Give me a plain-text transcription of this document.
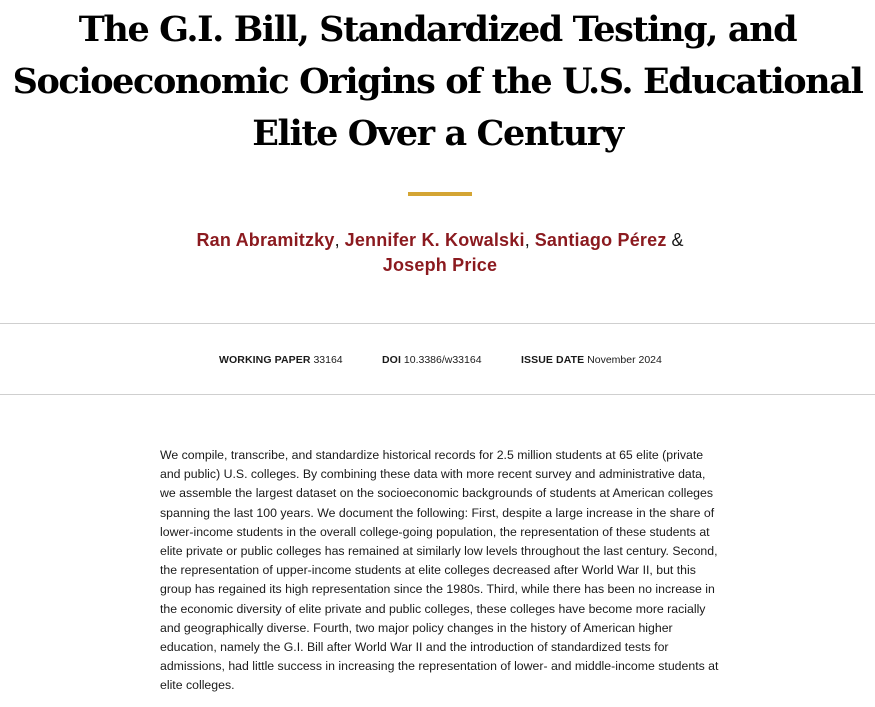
The G.I. Bill, Standardized Testing, and Socioeconomic Origins of the U.S. Educational Elite Over a Century
Ran Abramitzky, Jennifer K. Kowalski, Santiago Pérez &
Joseph Price
WORKING PAPER 33164	DOI 10.3386/w33164	ISSUE DATE November 2024

We compile, transcribe, and standardize historical records for 2.5 million students at 65 elite (private and public) U.S. colleges. By combining these data with more recent survey and administrative data, we assemble the largest dataset on the socioeconomic backgrounds of students at American colleges spanning the last 100 years. We document the following: First, despite a large increase in the share of lower-income students in the overall college-going population, the representation of these students at elite private or public colleges has remained at similarly low levels throughout the last century. Second, the representation of upper-income students at elite colleges decreased after World War II, but this group has regained its high representation since the 1980s. Third, while there has been no increase in the economic diversity of elite private and public colleges, these colleges have become more racially and geographically diverse. Fourth, two major policy changes in the history of American higher education, namely the G.I. Bill after World War II and the introduction of standardized tests for admissions, had little success in increasing the representation of lower- and middle-income students at elite colleges.
